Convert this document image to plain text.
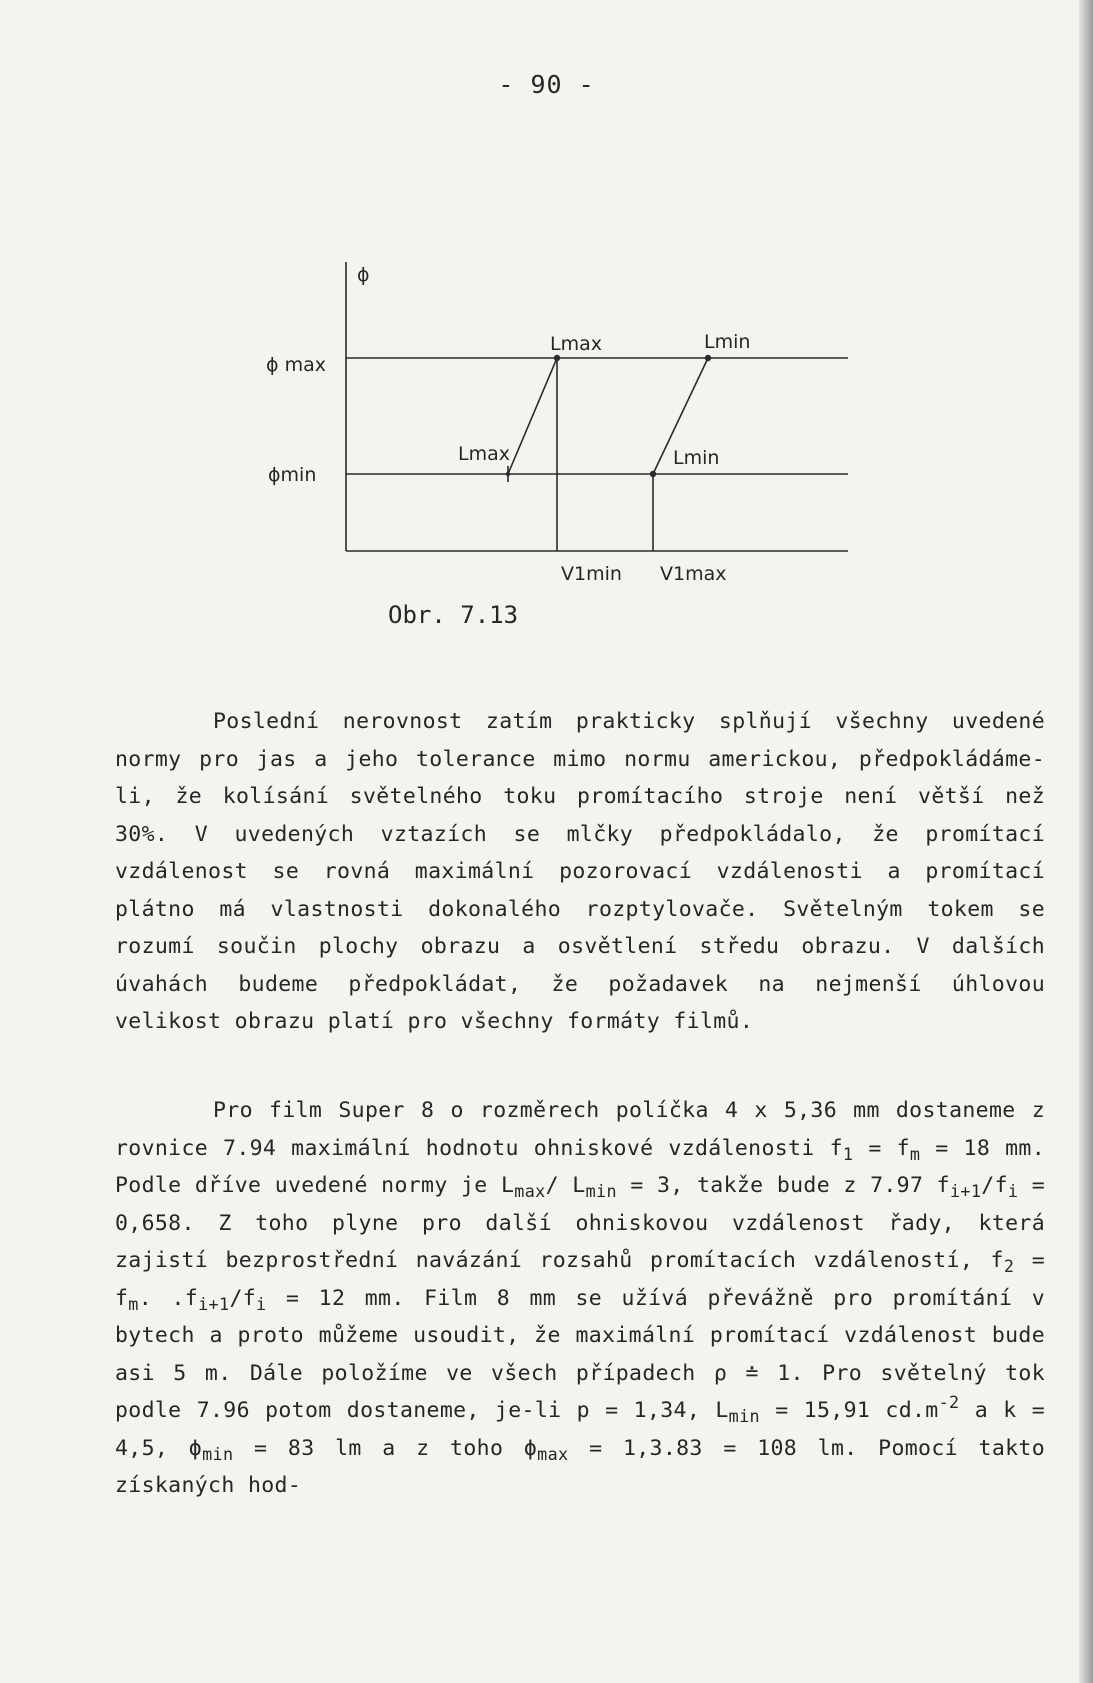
- 90 -
ϕ
ϕ max
ϕmin
Lmax	Lmin
Lmax	Lmin
V1min V1max
Obr. 7.13

Poslední nerovnost zatím prakticky splňují všechny uvedené normy pro jas a jeho tolerance mimo normu americkou, předpokládáme-li, že kolísání světelného toku promítacího stroje není větší než 30%. V uvedených vztazích se mlčky předpokládalo, že promítací vzdálenost se rovná maximální pozorovací vzdálenosti a promítací plátno má vlastnosti dokonalého rozptylovače. Světelným tokem se rozumí součin plochy obrazu a osvětlení středu obrazu. V dalších úvahách budeme předpokládat, že požadavek na nejmenší úhlovou velikost obrazu platí pro všechny formáty filmů.

Pro film Super 8 o rozměrech políčka 4 x 5,36 mm dostaneme z rovnice 7.94 maximální hodnotu ohniskové vzdálenosti $f_1 = f_m = 18$ mm. Podle dříve uvedené normy je $L_{max}/$ $L_{min} = 3$, takže bude z 7.97 $f_{i+1}/f_i = 0,658$. Z toho plyne pro další ohniskovou vzdálenost řady, která zajistí bezprostřední navázání rozsahů promítacích vzdáleností, $f_2 = f_m$. $.f_{i+1}/f_i = 12$ mm. Film 8 mm se užívá převážně pro promítání v bytech a proto můžeme usoudit, že maximální promítací vzdálenost bude asi 5 m. Dále položíme ve všech případech ρ ≐ 1. Pro světelný tok podle 7.96 potom dostaneme, je-li p = 1,34, $L_{min} = 15,91$ $cd.m^{-2}$ a k = 4,5, $\phi_{min} = 83$ lm a z toho $\phi_{max} = 1,3.83 = 108$ lm. Pomocí takto získaných hod-
